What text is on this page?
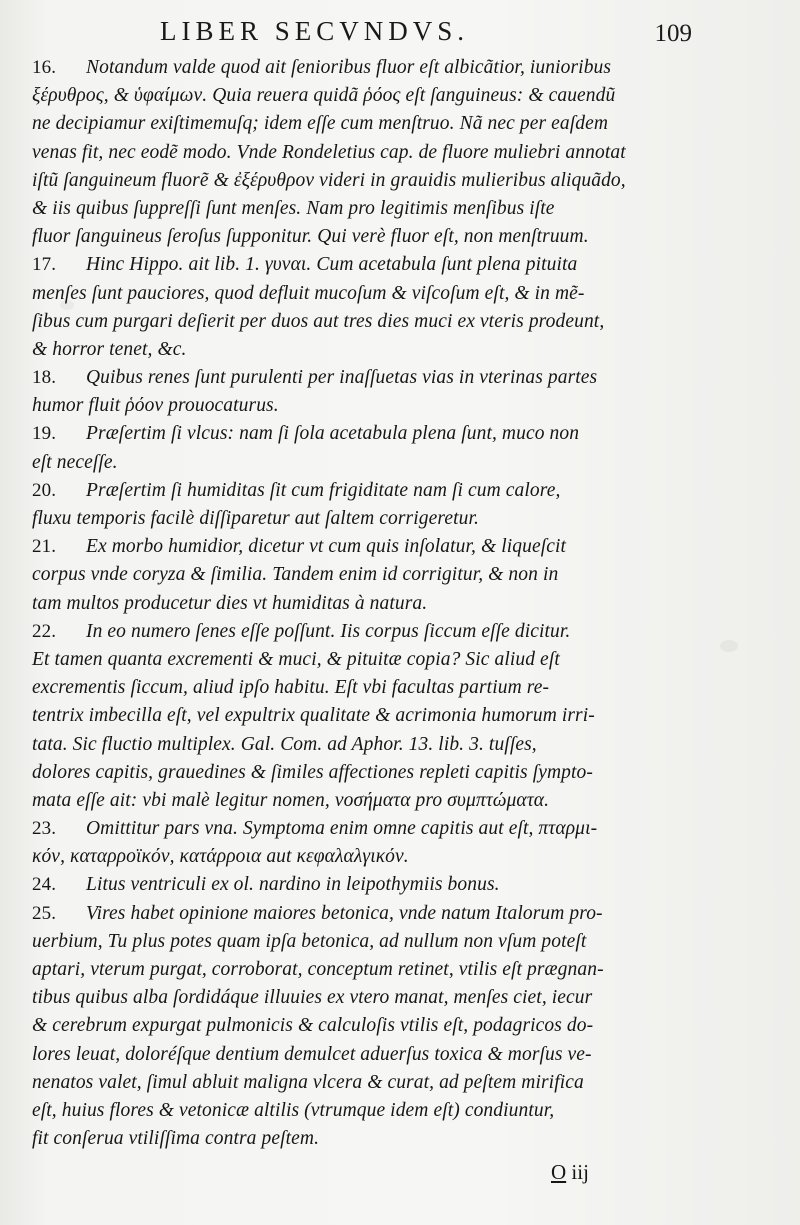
LIBER SECVNDVS.	109
16. Notandum valde quod ait ſenioribus fluor eſt albicãtior, iunioribus
ξέρυθρος, & ὑφαίμων. Quia reuera quidã ῥόος eſt ſanguineus: & cauendũ
ne decipiamur exiſtimemuſq; idem eſſe cum menſtruo. Nã nec per eaſdem
venas fit, nec eodẽ modo. Vnde Rondeletius cap. de fluore muliebri annotat
iſtũ ſanguineum fluorẽ & ἐξέρυθρον videri in grauidis mulieribus aliquãdo,
& iis quibus ſuppreſſi ſunt menſes. Nam pro legitimis menſibus iſte
fluor ſanguineus ſeroſus ſupponitur. Qui verè fluor eſt, non menſtruum.
17. Hinc Hippo. ait lib. 1. γυναι. Cum acetabula ſunt plena pituita
menſes ſunt pauciores, quod defluit mucoſum & viſcoſum eſt, & in mẽ-
ſibus cum purgari deſierit per duos aut tres dies muci ex vteris prodeunt,
& horror tenet, &c.
18. Quibus renes ſunt purulenti per inaſſuetas vias in vterinas partes
humor fluit ῥόον prouocaturus.
19. Præſertim ſi vlcus: nam ſi ſola acetabula plena ſunt, muco non
eſt neceſſe.
20. Præſertim ſi humiditas ſit cum frigiditate nam ſi cum calore,
fluxu temporis facilè diſſiparetur aut ſaltem corrigeretur.
21. Ex morbo humidior, dicetur vt cum quis inſolatur, & liqueſcit
corpus vnde coryza & ſimilia. Tandem enim id corrigitur, & non in
tam multos producetur dies vt humiditas à natura.
22. In eo numero ſenes eſſe poſſunt. Iis corpus ſiccum eſſe dicitur.
Et tamen quanta excrementi & muci, & pituitæ copia? Sic aliud eſt
excrementis ſiccum, aliud ipſo habitu. Eſt vbi facultas partium re-
tentrix imbecilla eſt, vel expultrix qualitate & acrimonia humorum irri-
tata. Sic fluctio multiplex. Gal. Com. ad Aphor. 13. lib. 3. tuſſes,
dolores capitis, grauedines & ſimiles affectiones repleti capitis ſympto-
mata eſſe ait: vbi malè legitur nomen, νοσήματα pro συμπτώματα.
23. Omittitur pars vna. Symptoma enim omne capitis aut eſt, πταρμι-
κόν, καταρροϊκόν, κατάρροια aut κεφαλαλγικόν.
24. Litus ventriculi ex ol. nardino in leipothymiis bonus.
25. Vires habet opinione maiores betonica, vnde natum Italorum pro-
uerbium, Tu plus potes quam ipſa betonica, ad nullum non vſum poteſt
aptari, vterum purgat, corroborat, conceptum retinet, vtilis eſt prægnan-
tibus quibus alba ſordidáque illuuies ex vtero manat, menſes ciet, iecur
& cerebrum expurgat pulmonicis & calculoſis vtilis eſt, podagricos do-
lores leuat, doloréſque dentium demulcet aduerſus toxica & morſus ve-
nenatos valet, ſimul abluit maligna vlcera & curat, ad peſtem mirifica
eſt, huius flores & vetonicæ altilis (vtrumque idem eſt) condiuntur,
fit conſerua vtiliſſima contra peſtem.
O iij
